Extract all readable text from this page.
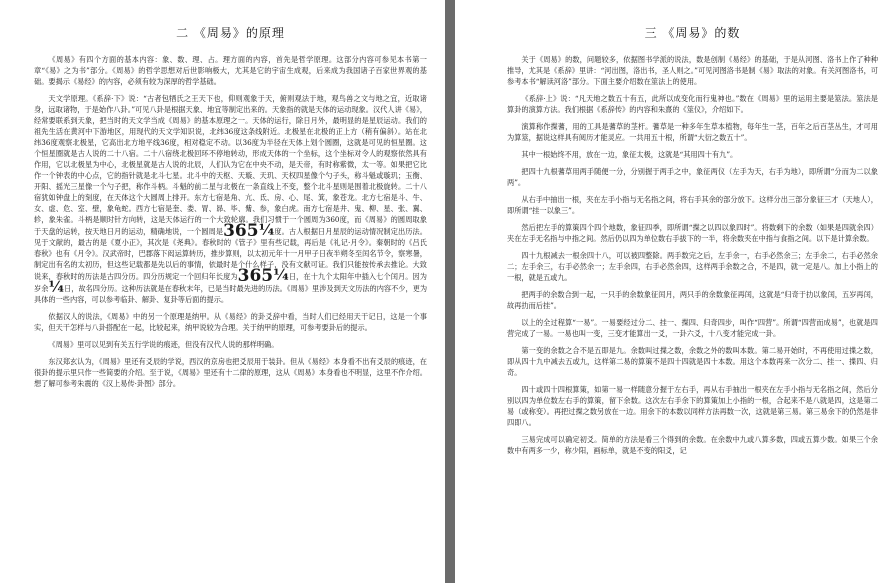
二 《周易》的原理

《周易》有四个方面的基本内容：象、数、理、占。理方面的内容，首先是哲学原理。这部分内容可参见本书第一章“《易》之为书”部分。《周易》的哲学思想对后世影响极大，尤其是它的宇宙生成观，后来成为我国诸子百家世界观的基础。要揭示《易经》的内容，必须有较为深厚的哲学基础。

天文学原理。《系辞·下》说：“古者包牺氏之王天下也，仰则观象于天，俯则观法于地，观鸟兽之文与地之宜，近取诸身，远取诸物，于是始作八卦。”可见八卦是根据天象、地宜等制定出来的。天象指的就是天体的运动现象。汉代人讲《易》，经常要联系到天象，把当时的天文学当成《周易》的基本原理之一。天体的运行，除日月外，最明显的是星辰运动。我们的祖先生活在黄河中下游地区，用现代的天文学知识说，北纬36度这条线附近。北极星在北极的正上方（稍有偏斜）。站在北纬36度观察北极星，它高出北方地平线36度，相对稳定不动。以36度为半径在天体上划个圆圈，这就是可见的恒星圈。这个恒星圈就是古人说的二十八宿。二十八宿绕北极回环不停地转动，形成天体的一个坐标，这个坐标对令人的观察依然具有作用，它以北极星为中心，北极星就是古人说的北辰，人们认为它在中央不动，是天帝，有时称紫微，太一等。如果把它比作一个钟表的中心点，它的指针就是北斗七星。北斗中的天枢、天璇、天玑、天权四星像个勺子头，称斗魁或璇玑；玉衡、开阳、摇光三星像一个勺子把，称作斗柄。斗魁的前二星与北极在一条直线上不变，整个北斗星则是围着北极旋转。二十八宿犹如钟盘上的刻度，在天体这个大圆周上排开。东方七宿是角、亢、氐、房、心、尾、箕，象苍龙。北方七宿是斗、牛、女、虚、危、室、壁，象龟蛇。西方七宿是奎、娄、胃、昴、毕、觜、参，象白虎。南方七宿是井、鬼、柳、星、张、翼、轸，象朱雀。斗柄是顺时针方向转，这是天体运行的一个大致轮廓。我们习惯于一个圆周为360度，而《周易》的圆周取象于天盘的运转，按天地日月的运动，精确地说，一个圆周是365¼度。古人根据日月星辰的运动情况制定出历法。见于文献的，最古的是《夏小正》，其次是《尧典》。春秋时的《管子》里有些记载，再后是《礼记·月令》。秦朝时的《吕氏春秋》也有《月令》。汉武帝时，巴郡落下闳运算转历，推步算则，以太初元年十一月甲子日夜半朔冬至闰名节令，察寒暑，制定出有名的太初历，但这些记载都是先以后的事情，依最时是个什么样子，没有文献可证。我们只能按传承去推论。大致说来，春秋时的历法是古四分历。四分历规定一个回归年长度为365¼日，在十九个太阳年中插入七个闰月。因为岁余¼日，故名四分历。这种历法就是在春秋末年，已是当时最先进的历法。《周易》里涉及到天文历法的内容不少，更为具体的一些内容，可以参考临卦、解卦、复卦等后面的提示。

依据汉人的说法，《周易》中的另一个原理是纳甲。从《易经》的卦爻辞中看，当时人们已经用天干记日，这是一个事实，但天干怎样与八卦搭配在一起，比较起来，纳甲说较为合理。关于纳甲的原理，可参考要卦后的提示。

《周易》里可以见到有关五行学说的痕迹，但没有汉代人说的那样明确。

东汉郑玄认为，《周易》里还有爻辰的学说，西汉的京房也把爻辰用于装卦。但从《易经》本身看不出有爻辰的痕迹，在很卦的提示里只作一些简要的介绍。至于说，《周易》里还有十二律的原理，这从《周易》本身看也不明显，这里不作介绍。想了解可参考朱震的《汉上易传·卦图》部分。

三 《周易》的数

关于《周易》的数，问题较多，依据图书学派的说法，数是创制《易经》的基础，于是从河图、洛书上作了种种推导，尤其是《系辞》里讲：“河出图，洛出书，圣人则之。”可见河图洛书是制《易》取法的对象。有关河图洛书，可参考本书“解读河洛”部分。下面主要介绍数在筮法上的使用。

《系辞·上》说：“凡天地之数五十有五，此所以成变化而行鬼神也。”数在《周易》里的运用主要是筮法。筮法是算卦的演算方法。我们根据《系辞传》的内容和朱熹的《筮仪》，介绍如下。

演算称作揲蓍，用的工具是蓍草的茎杆。蓍草是一种多年生草本植物，每年生一茎，百年之后百茎丛生，才可用为算筮，据说这样具有阅历才能灵应。一共用五十根，所谓“大衍之数五十”。

其中一根始终不用，放在一边，象征太极，这就是“其用四十有九”。

把四十九根蓍草用两手随便一分，分别握于两手之中，象征两仪（左手为天，右手为地），即所谓“分而为二以象两”。

从右手中抽出一根，夹在左手小指与无名指之间，将右手其余的部分放下。这样分出三部分象征三才（天地人），即所谓“挂一以象三”。

然后把左手的算策四个四个地数，象征四季，即所谓“揲之以四以象四时”。将数剩下的余数（如果是四就余四）夹在左手无名指与中指之间。然后仍以四为单位数右手拔下的一半，将余数夹在中指与食指之间。以下是计算余数。

四十九根减去一根余四十八，可以被四整除。两手数完之后，左手余一，右手必然余三；左手余二，右手必然余二；左手余三，右手必然余一；左手余四，右手必然余四，这样两手余数之合，不是四，就一定是八。加上小指上的一根，就是五或九。

把两手的余数合到一起，一只手的余数象征闰月，两只手的余数象征再闰，这就是“归奇于扐以象闰，五岁再闰，故再扐而后挂”。

以上的全过程算“一易”。一易要经过分二、挂一、揲四、归奇四步，叫作“四营”。所谓“四营而成易”，也就是四营完成了一易。一易也叫一变，三变才能算出一爻，一卦六爻，十八变才能完成一卦。

第一变的余数之合不是五即是九。余数叫过揲之数，余数之外的数叫本数。第二易开始时，不再使用过揲之数，即从四十九中减去五或九，这样第二易的算策不是四十四就是四十本数。用这个本数再来一次分二、挂一、揲四、归奇。

四十或四十四根算策，如第一易一样随意分握于左右手，再从右手抽出一根夹在左手小指与无名指之间，然后分别以四为单位数左右手的算策，留下余数。这次左右手余下的算策加上小指的一根，合起来不是八就是四，这是第二易（或称变）。再把过揲之数另放在一边。用余下的本数以同样方法再数一次，这就是第三易。第三易余下的仍然是非四即八。

三易完成可以确定初爻。简单的方法是看三个得到的余数。在余数中九或八算多数，四或五算少数。如果三个余数中有两多一少，称少阳，画标单，就是不变的阳爻，记
